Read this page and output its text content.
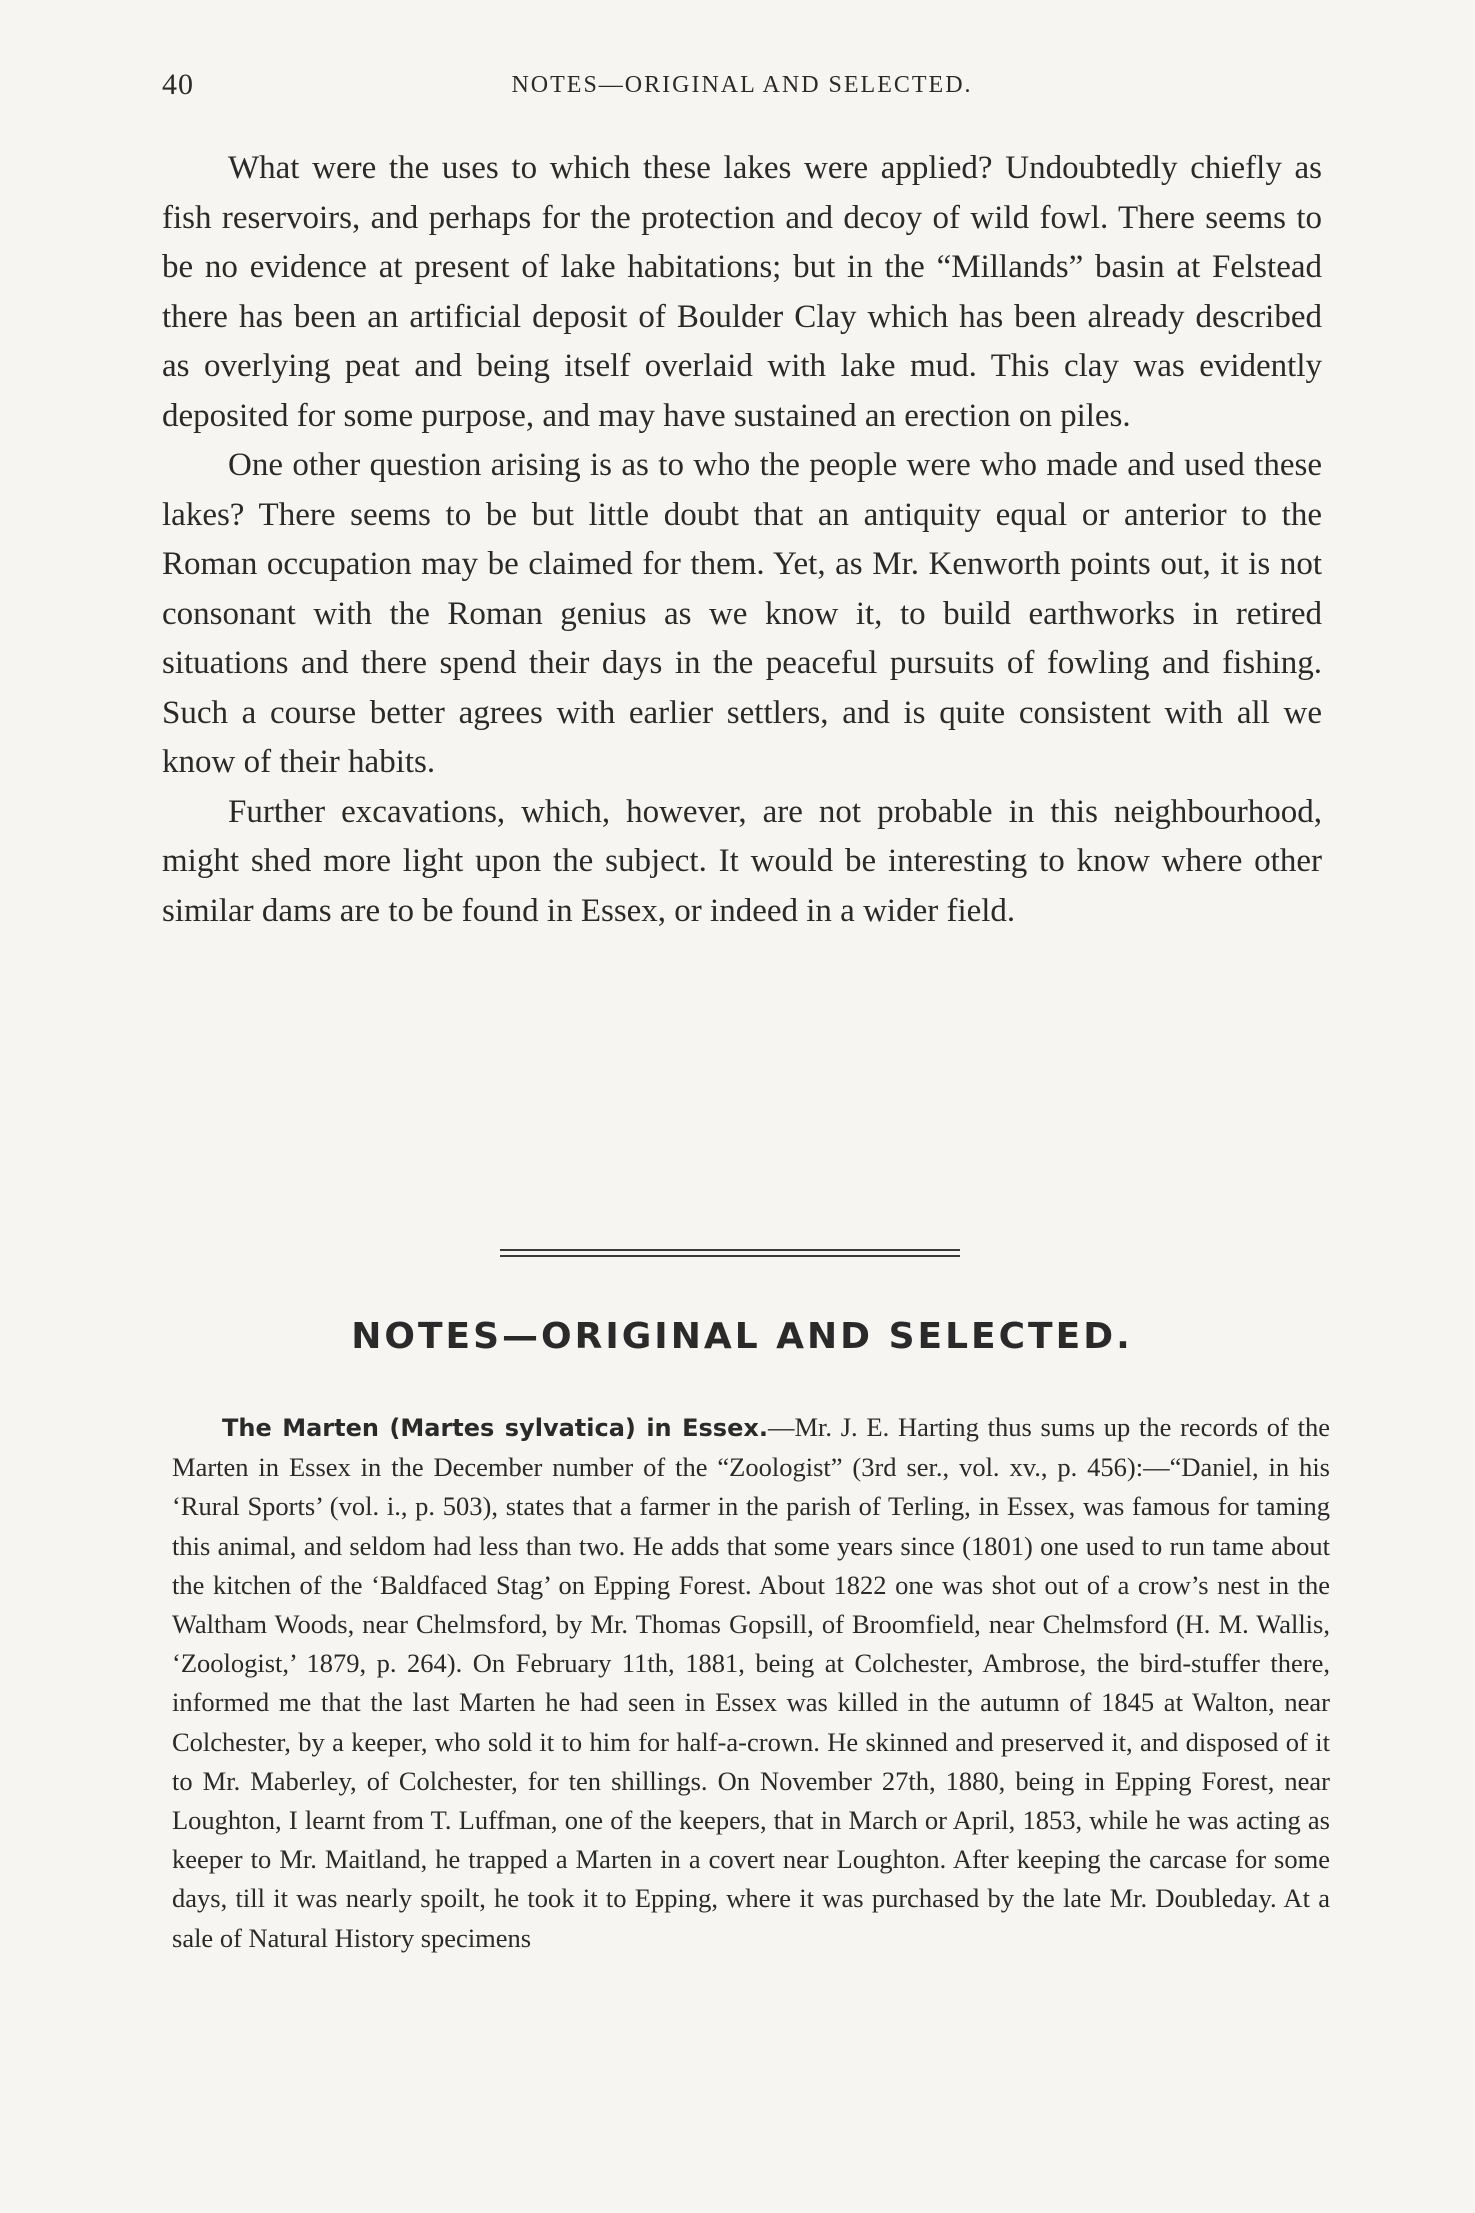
40	NOTES—ORIGINAL AND SELECTED.

What were the uses to which these lakes were applied? Undoubtedly chiefly as fish reservoirs, and perhaps for the protection and decoy of wild fowl. There seems to be no evidence at present of lake habitations; but in the “Millands” basin at Felstead there has been an artificial deposit of Boulder Clay which has been already described as overlying peat and being itself overlaid with lake mud. This clay was evidently deposited for some purpose, and may have sustained an erection on piles.

One other question arising is as to who the people were who made and used these lakes? There seems to be but little doubt that an antiquity equal or anterior to the Roman occupation may be claimed for them. Yet, as Mr. Kenworth points out, it is not consonant with the Roman genius as we know it, to build earthworks in retired situations and there spend their days in the peaceful pursuits of fowling and fishing. Such a course better agrees with earlier settlers, and is quite consistent with all we know of their habits.

Further excavations, which, however, are not probable in this neighbourhood, might shed more light upon the subject. It would be interesting to know where other similar dams are to be found in Essex, or indeed in a wider field.

NOTES—ORIGINAL AND SELECTED.

The Marten (Martes sylvatica) in Essex.—Mr. J. E. Harting thus sums up the records of the Marten in Essex in the December number of the “Zoologist” (3rd ser., vol. xv., p. 456):—“Daniel, in his ‘Rural Sports’ (vol. i., p. 503), states that a farmer in the parish of Terling, in Essex, was famous for taming this animal, and seldom had less than two. He adds that some years since (1801) one used to run tame about the kitchen of the ‘Baldfaced Stag’ on Epping Forest. About 1822 one was shot out of a crow’s nest in the Waltham Woods, near Chelmsford, by Mr. Thomas Gopsill, of Broomfield, near Chelmsford (H. M. Wallis, ‘Zoologist,’ 1879, p. 264). On February 11th, 1881, being at Colchester, Ambrose, the bird-stuffer there, informed me that the last Marten he had seen in Essex was killed in the autumn of 1845 at Walton, near Colchester, by a keeper, who sold it to him for half-a-crown. He skinned and preserved it, and disposed of it to Mr. Maberley, of Colchester, for ten shillings. On November 27th, 1880, being in Epping Forest, near Loughton, I learnt from T. Luffman, one of the keepers, that in March or April, 1853, while he was acting as keeper to Mr. Maitland, he trapped a Marten in a covert near Loughton. After keeping the carcase for some days, till it was nearly spoilt, he took it to Epping, where it was purchased by the late Mr. Doubleday. At a sale of Natural History specimens
